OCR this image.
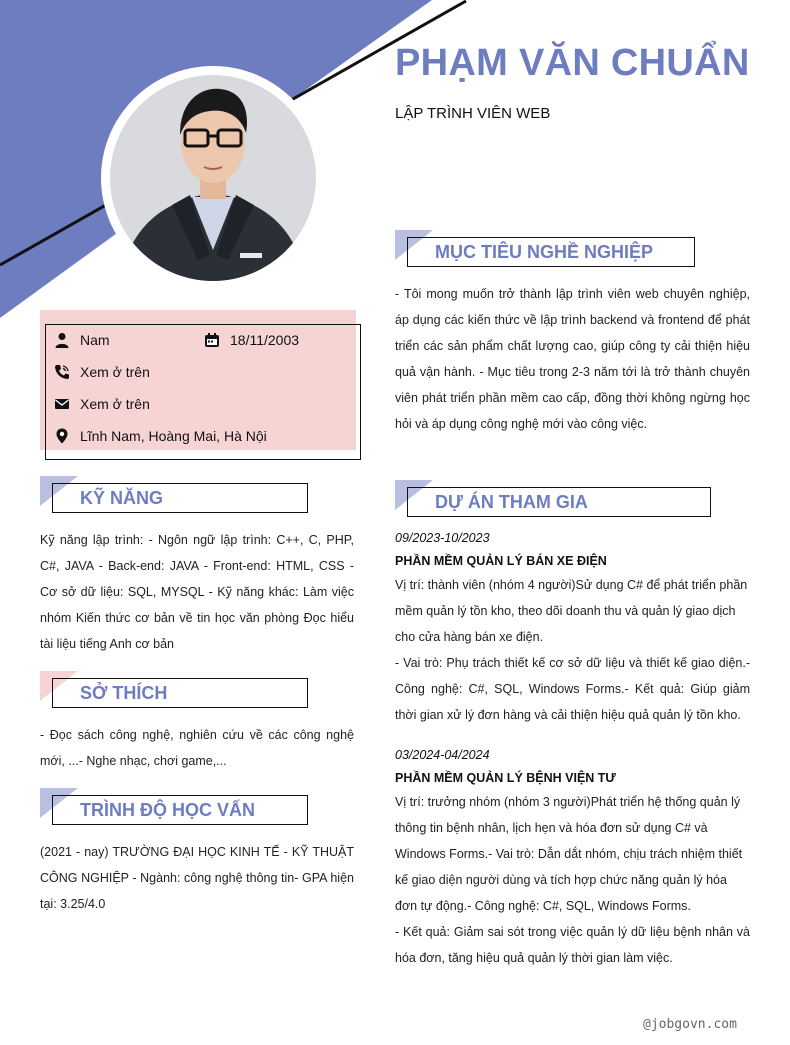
PHẠM VĂN CHUẨN
LẬP TRÌNH VIÊN WEB
Nam	18/11/2003
Xem ở trên
Xem ở trên
Lĩnh Nam, Hoàng Mai, Hà Nội
KỸ NĂNG
Kỹ năng lập trình: - Ngôn ngữ lập trình: C++, C, PHP, C#, JAVA - Back-end: JAVA - Front-end: HTML, CSS - Cơ sở dữ liệu: SQL, MYSQL - Kỹ năng khác: Làm việc nhóm Kiến thức cơ bản về tin học văn phòng Đọc hiểu tài liệu tiếng Anh cơ bản
SỞ THÍCH
- Đọc sách công nghệ, nghiên cứu về các công nghệ mới, ...- Nghe nhạc, chơi game,...
TRÌNH ĐỘ HỌC VẤN
(2021 - nay) TRƯỜNG ĐẠI HỌC KINH TẾ - KỸ THUẬT CÔNG NGHIỆP - Ngành: công nghệ thông tin- GPA hiện tại: 3.25/4.0
MỤC TIÊU NGHỀ NGHIỆP
- Tôi mong muốn trở thành lập trình viên web chuyên nghiệp, áp dụng các kiến thức về lập trình backend và frontend để phát triển các sản phẩm chất lượng cao, giúp công ty cải thiện hiệu quả vận hành. - Mục tiêu trong 2-3 năm tới là trở thành chuyên viên phát triển phần mềm cao cấp, đồng thời không ngừng học hỏi và áp dụng công nghệ mới vào công việc.
DỰ ÁN THAM GIA
09/2023-10/2023
PHẦN MỀM QUẢN LÝ BÁN XE ĐIỆN

Vị trí: thành viên (nhóm 4 người)Sử dụng C# để phát triển phần mềm quản lý tồn kho, theo dõi doanh thu và quản lý giao dịch cho cửa hàng bán xe điện.

- Vai trò: Phụ trách thiết kế cơ sở dữ liệu và thiết kế giao diện.- Công nghệ: C#, SQL, Windows Forms.- Kết quả: Giúp giảm thời gian xử lý đơn hàng và cải thiện hiệu quả quản lý tồn kho.

03/2024-04/2024
PHẦN MỀM QUẢN LÝ BỆNH VIỆN TƯ

Vị trí: trưởng nhóm (nhóm 3 người)Phát triển hệ thống quản lý thông tin bệnh nhân, lịch hẹn và hóa đơn sử dụng C# và Windows Forms.- Vai trò: Dẫn dắt nhóm, chịu trách nhiệm thiết kế giao diện người dùng và tích hợp chức năng quản lý hóa đơn tự động.- Công nghệ: C#, SQL, Windows Forms.

- Kết quả: Giảm sai sót trong việc quản lý dữ liệu bệnh nhân và hóa đơn, tăng hiệu quả quản lý thời gian làm việc.

@jobgovn.com
